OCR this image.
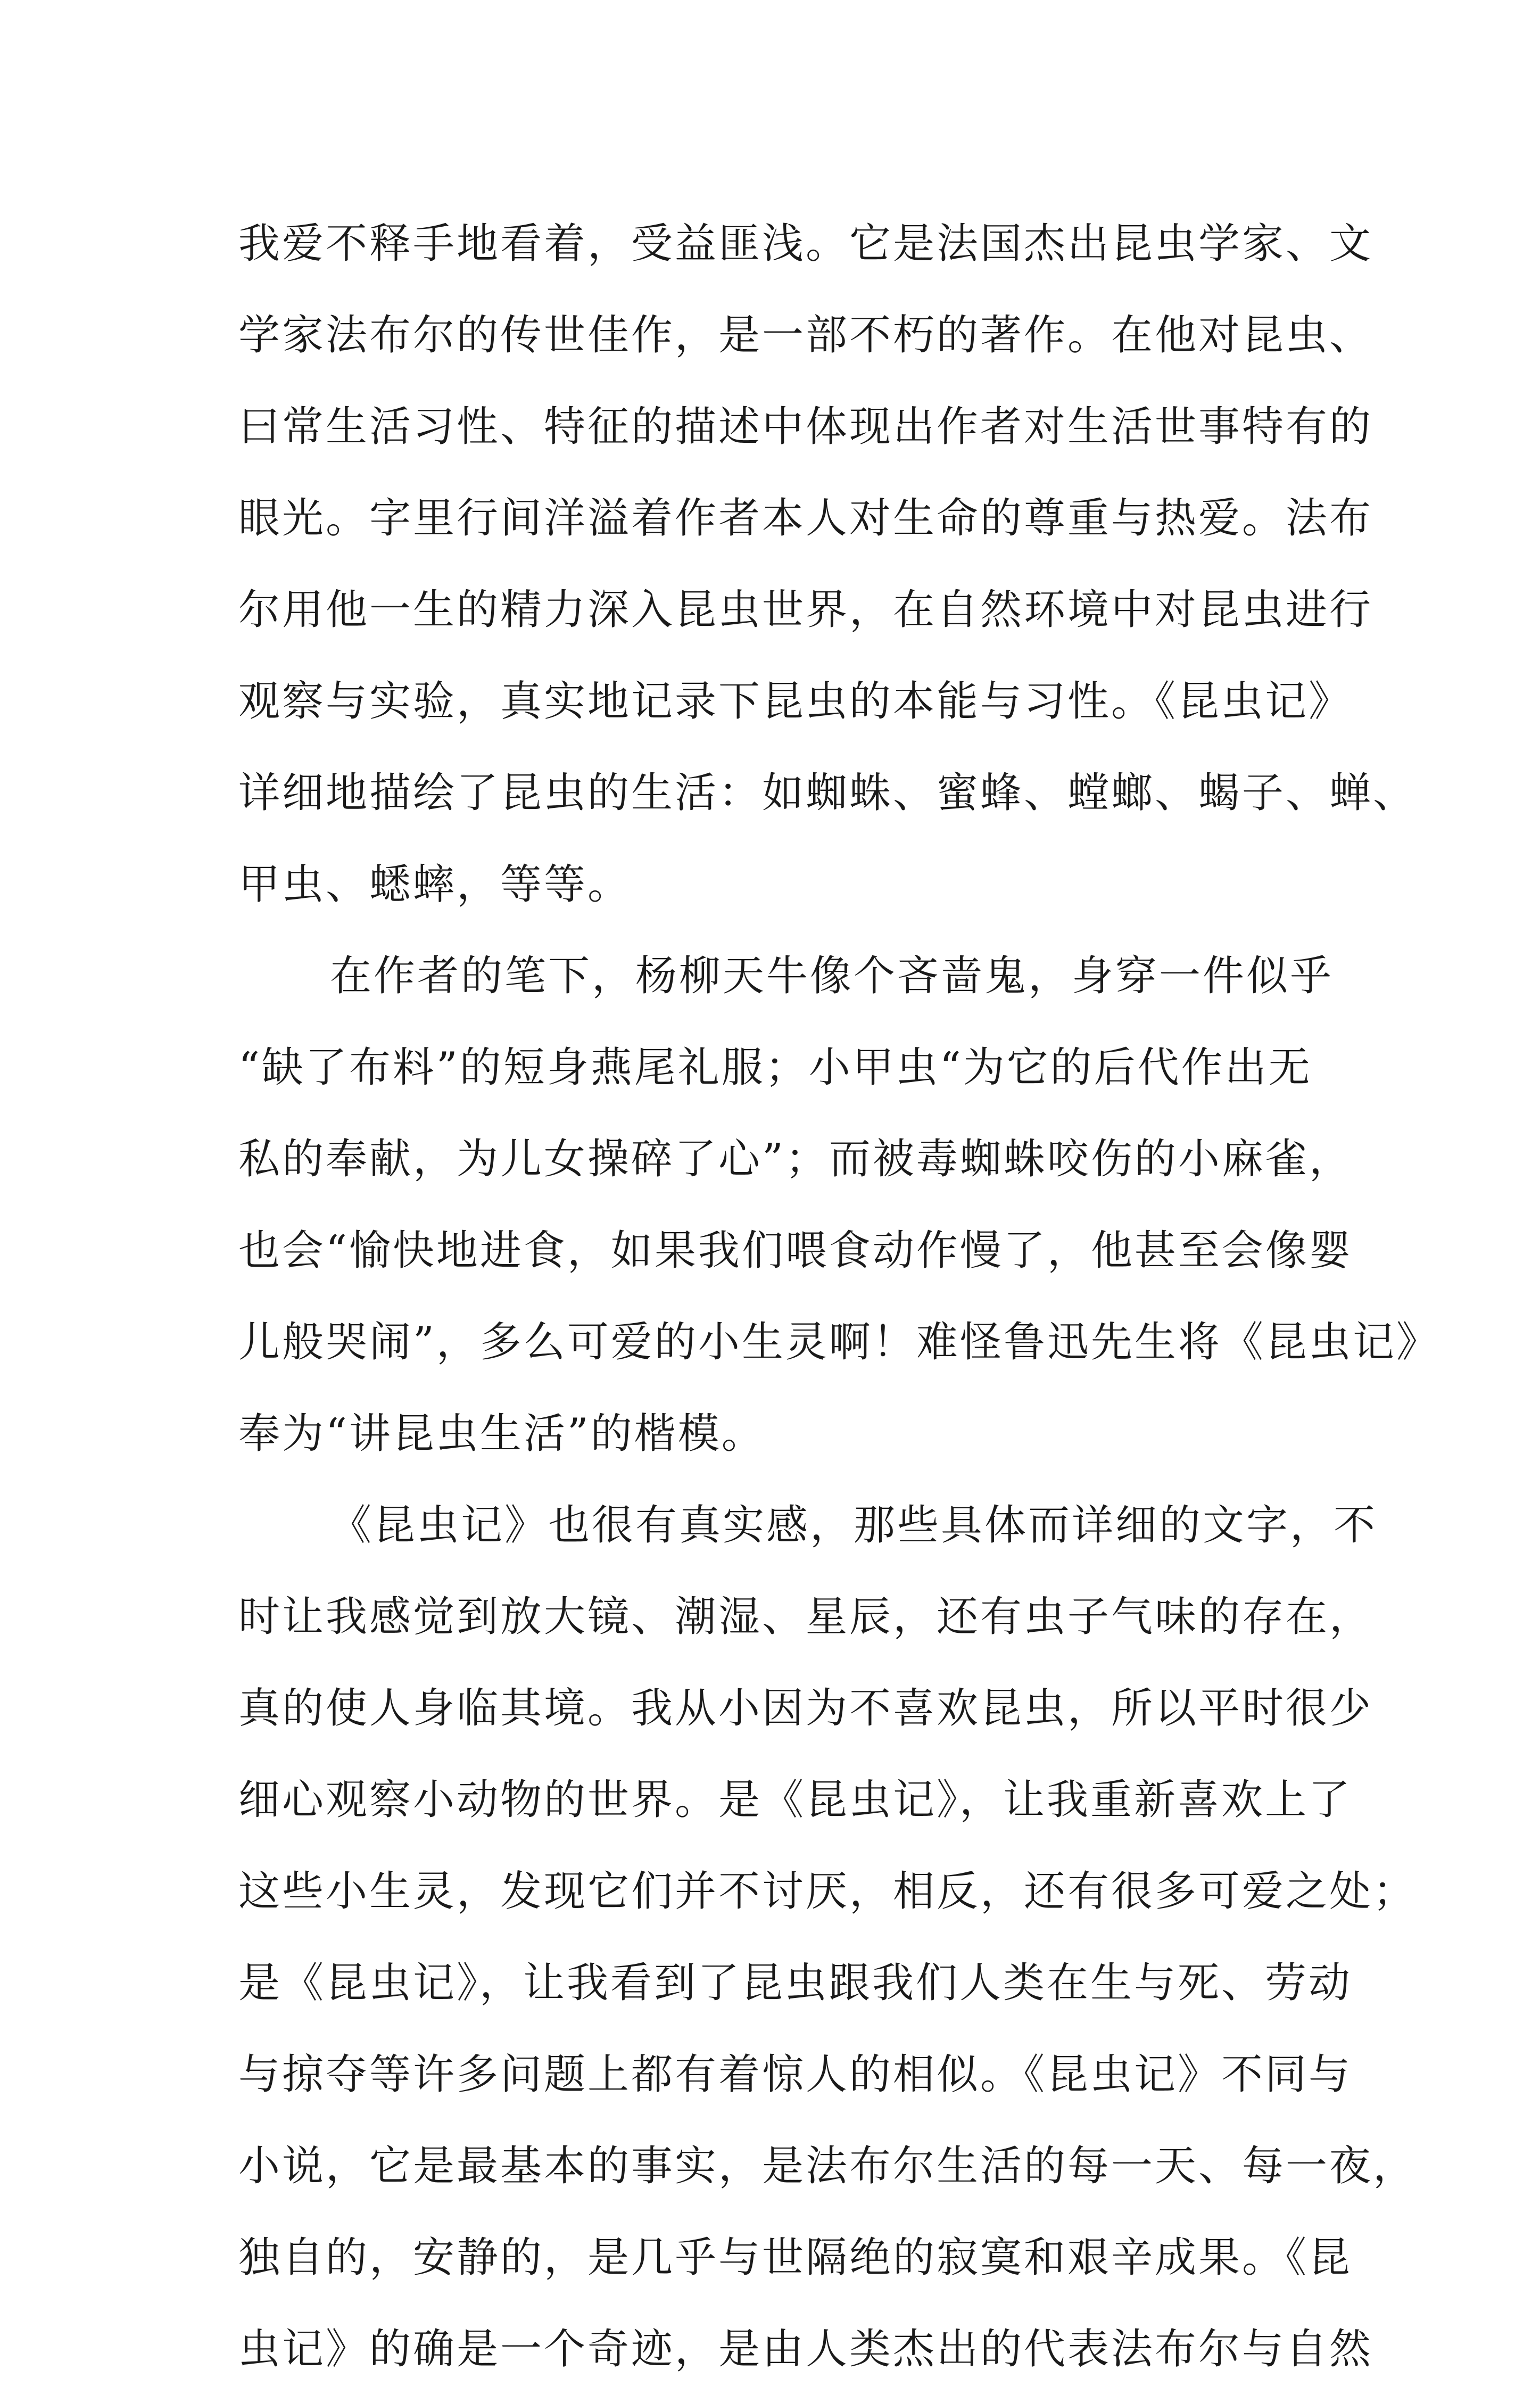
我爱不释手地看着，受益匪浅。它是法国杰出昆虫学家、文
学家法布尔的传世佳作，是一部不朽的著作。在他对昆虫、
曰常生活习性、特征的描述中体现出作者对生活世事特有的
眼光。字里行间洋溢着作者本人对生命的尊重与热爱。法布
尔用他一生的精力深入昆虫世界，在自然环境中对昆虫进行
观察与实验，真实地记录下昆虫的本能与习性。《昆虫记》
详细地描绘了昆虫的生活：如蜘蛛、蜜蜂、螳螂、蝎子、蝉、
甲虫、蟋蟀，等等。
在作者的笔下，杨柳天牛像个吝啬鬼，身穿一件似乎
“缺了布料”的短身燕尾礼服；小甲虫“为它的后代作出无
私的奉献，为儿女操碎了心”；而被毒蜘蛛咬伤的小麻雀，
也会“愉快地进食，如果我们喂食动作慢了，他甚至会像婴
儿般哭闹”，多么可爱的小生灵啊！难怪鲁迅先生将《昆虫记》
奉为“讲昆虫生活”的楷模。
《昆虫记》也很有真实感，那些具体而详细的文字，不
时让我感觉到放大镜、潮湿、星辰，还有虫子气味的存在，
真的使人身临其境。我从小因为不喜欢昆虫，所以平时很少
细心观察小动物的世界。是《昆虫记》，让我重新喜欢上了
这些小生灵，发现它们并不讨厌，相反，还有很多可爱之处；
是《昆虫记》，让我看到了昆虫跟我们人类在生与死、劳动
与掠夺等许多问题上都有着惊人的相似。《昆虫记》不同与
小说，它是最基本的事实，是法布尔生活的每一天、每一夜，
独自的，安静的，是几乎与世隔绝的寂寞和艰辛成果。《昆
虫记》的确是一个奇迹，是由人类杰出的代表法布尔与自然
